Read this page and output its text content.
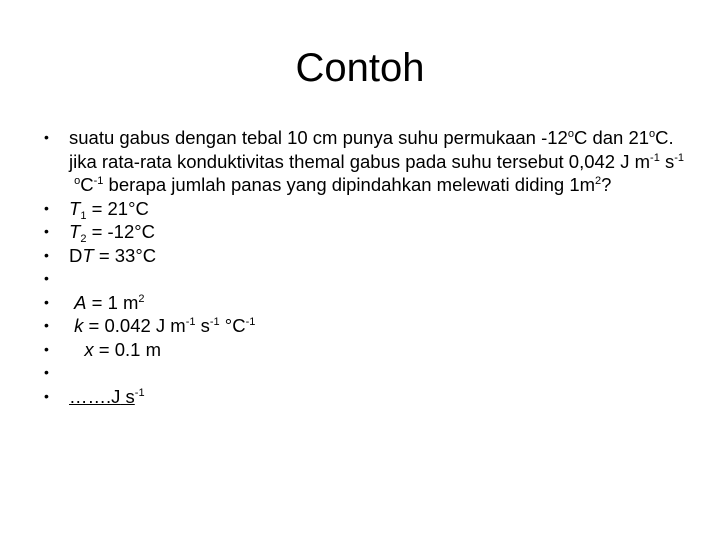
Contoh
•	suatu gabus dengan tebal 10 cm punya suhu permukaan -12$^o$C dan 21$^o$C. jika rata-rata konduktivitas themal gabus pada suhu tersebut 0,042 J $m^{-1}$ $s^{-1}$ $^oC^{-1}$ berapa jumlah panas yang dipindahkan melewati diding $1m^2$?
•	$T_1 = 21^\circ C$
•	$T_2 = -12^\circ C$
•	DT = 33°C
•
•	A = 1 $m^2$
•	k = 0.042 J $m^{-1}$ $s^{-1}$ $^\circ C^{-1}$
•	x = 0.1 m
•
•	…….J $s^{-1}$
